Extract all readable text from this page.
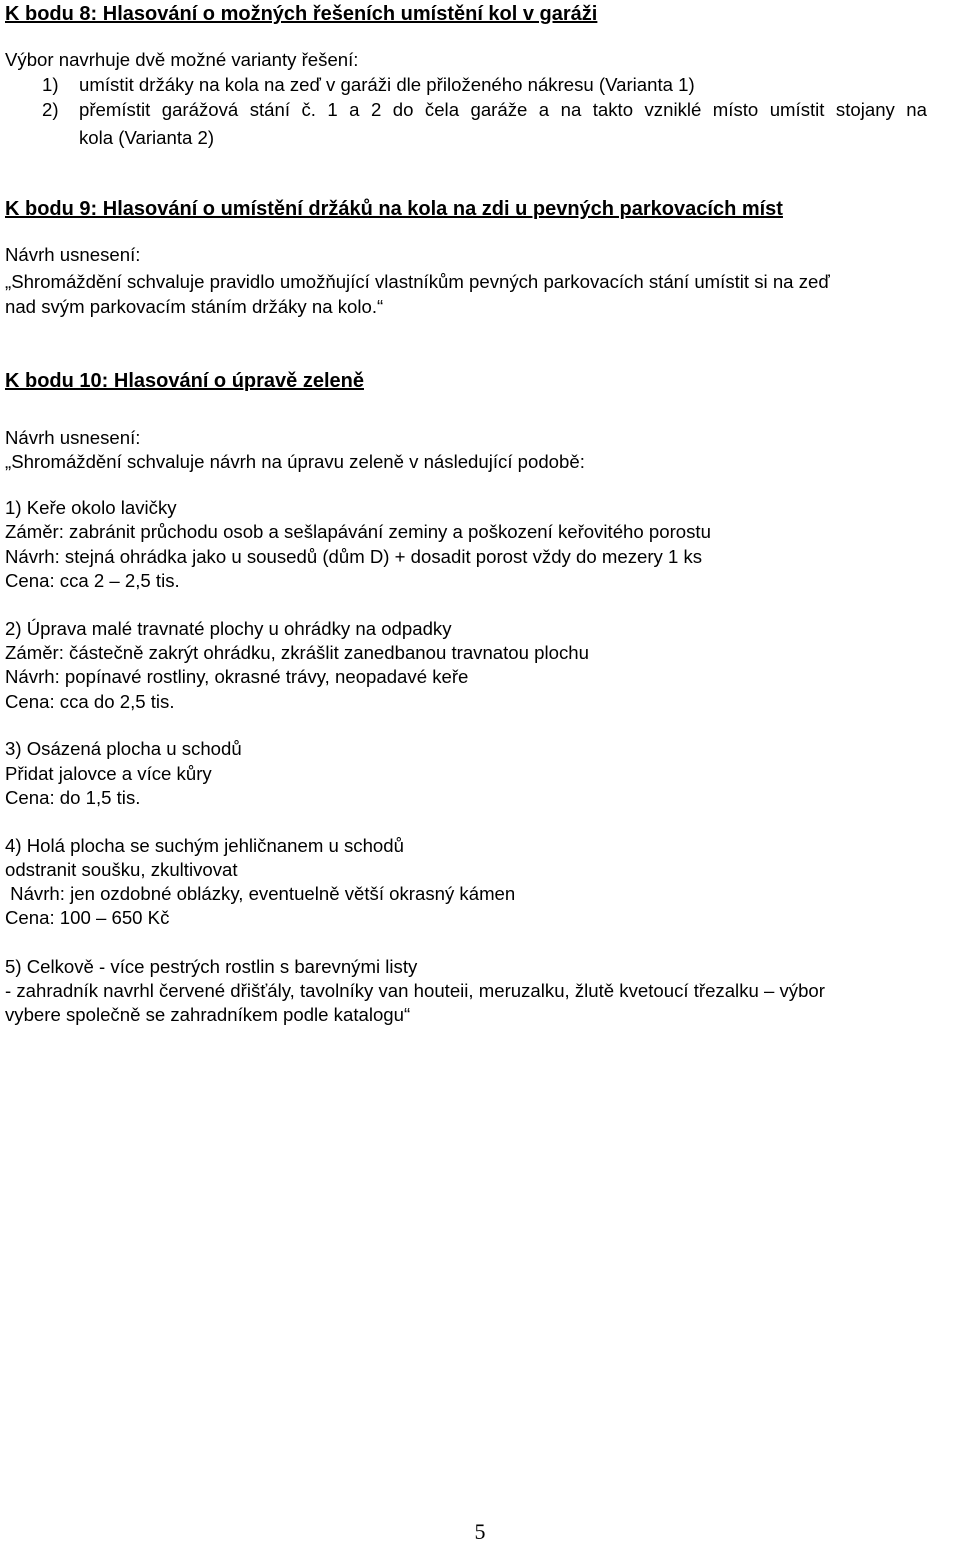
K bodu 8: Hlasování o možných řešeních umístění kol v garáži
Výbor navrhuje dvě možné varianty řešení:
1) umístit držáky na kola na zeď v garáži dle přiloženého nákresu (Varianta 1)
2) přemístit garážová stání č. 1 a 2 do čela garáže a na takto vzniklé místo umístit stojany na
kola (Varianta 2)
K bodu 9: Hlasování o umístění držáků na kola na zdi u pevných parkovacích míst
Návrh usnesení:
„Shromáždění schvaluje pravidlo umožňující vlastníkům pevných parkovacích stání umístit si na zeď
nad svým parkovacím stáním držáky na kolo.“
K bodu 10: Hlasování o úpravě zeleně
Návrh usnesení:
„Shromáždění schvaluje návrh na úpravu zeleně v následující podobě:
1) Keře okolo lavičky
Záměr: zabránit průchodu osob a sešlapávání zeminy a poškození keřovitého porostu
Návrh: stejná ohrádka jako u sousedů (dům D) + dosadit porost vždy do mezery 1 ks
Cena: cca 2 – 2,5 tis.
2) Úprava malé travnaté plochy u ohrádky na odpadky
Záměr: částečně zakrýt ohrádku, zkrášlit zanedbanou travnatou plochu
Návrh: popínavé rostliny, okrasné trávy, neopadavé keře
Cena: cca do 2,5 tis.
3) Osázená plocha u schodů
Přidat jalovce a více kůry
Cena: do 1,5 tis.
4) Holá plocha se suchým jehličnanem u schodů
odstranit soušku, zkultivovat
Návrh: jen ozdobné oblázky, eventuelně větší okrasný kámen
Cena: 100 – 650 Kč
5) Celkově - více pestrých rostlin s barevnými listy
- zahradník navrhl červené dřišťály, tavolníky van houteii, meruzalku, žlutě kvetoucí třezalku – výbor
vybere společně se zahradníkem podle katalogu“
5
